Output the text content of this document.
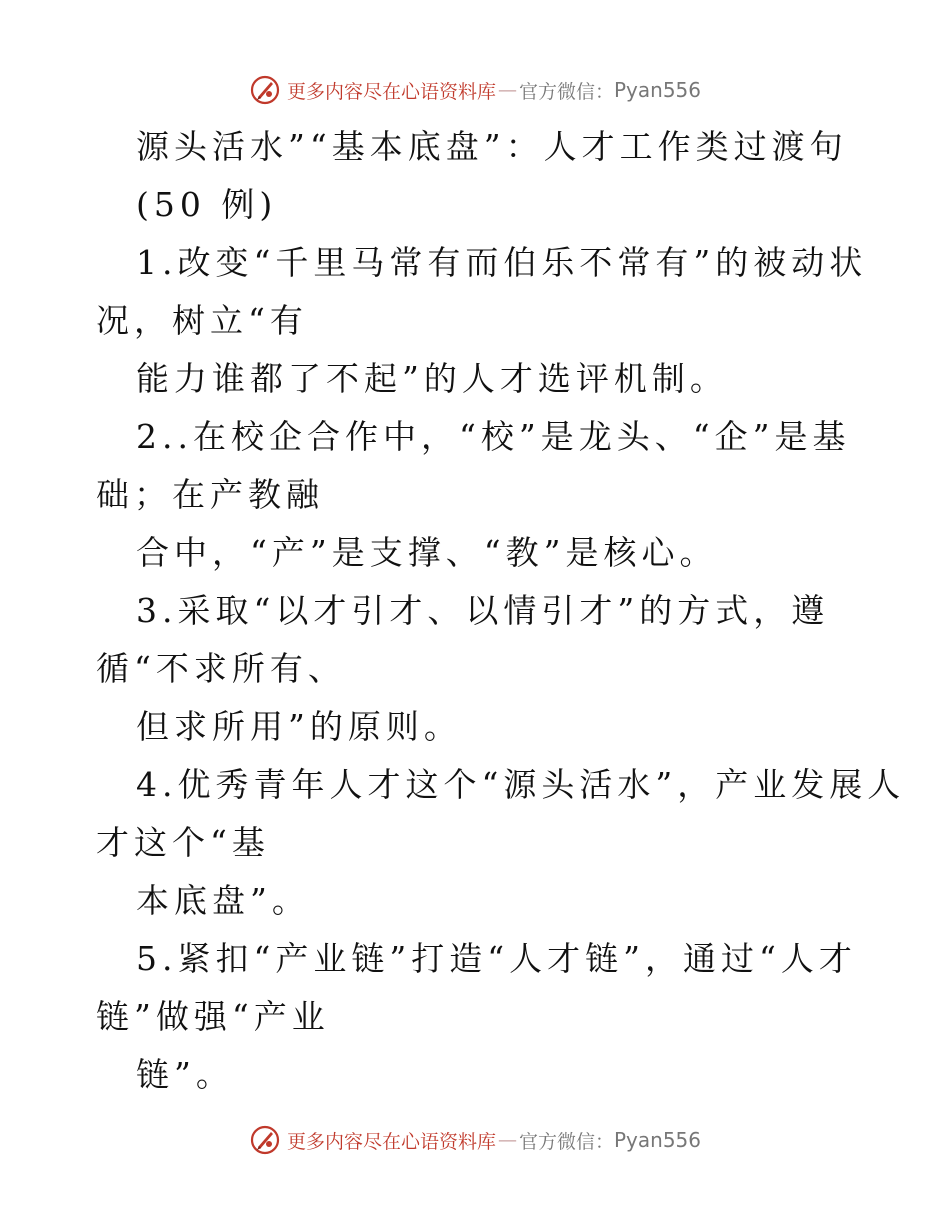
更多内容尽在心语资料库 — 官方微信： Pyan556
源头活水”“基本底盘”：人才工作类过渡句
(50 例)
1.改变“千里马常有而伯乐不常有”的被动状
况，树立“有
能力谁都了不起”的人才选评机制。
2..在校企合作中，“校”是龙头、“企”是基
础；在产教融
合中，“产”是支撑、“教”是核心。
3.采取“以才引才、以情引才”的方式，遵
循“不求所有、
但求所用”的原则。
4.优秀青年人才这个“源头活水”，产业发展人
才这个“基
本底盘”。
5.紧扣“产业链”打造“人才链”，通过“人才
链”做强“产业
链”。
更多内容尽在心语资料库 — 官方微信： Pyan556
